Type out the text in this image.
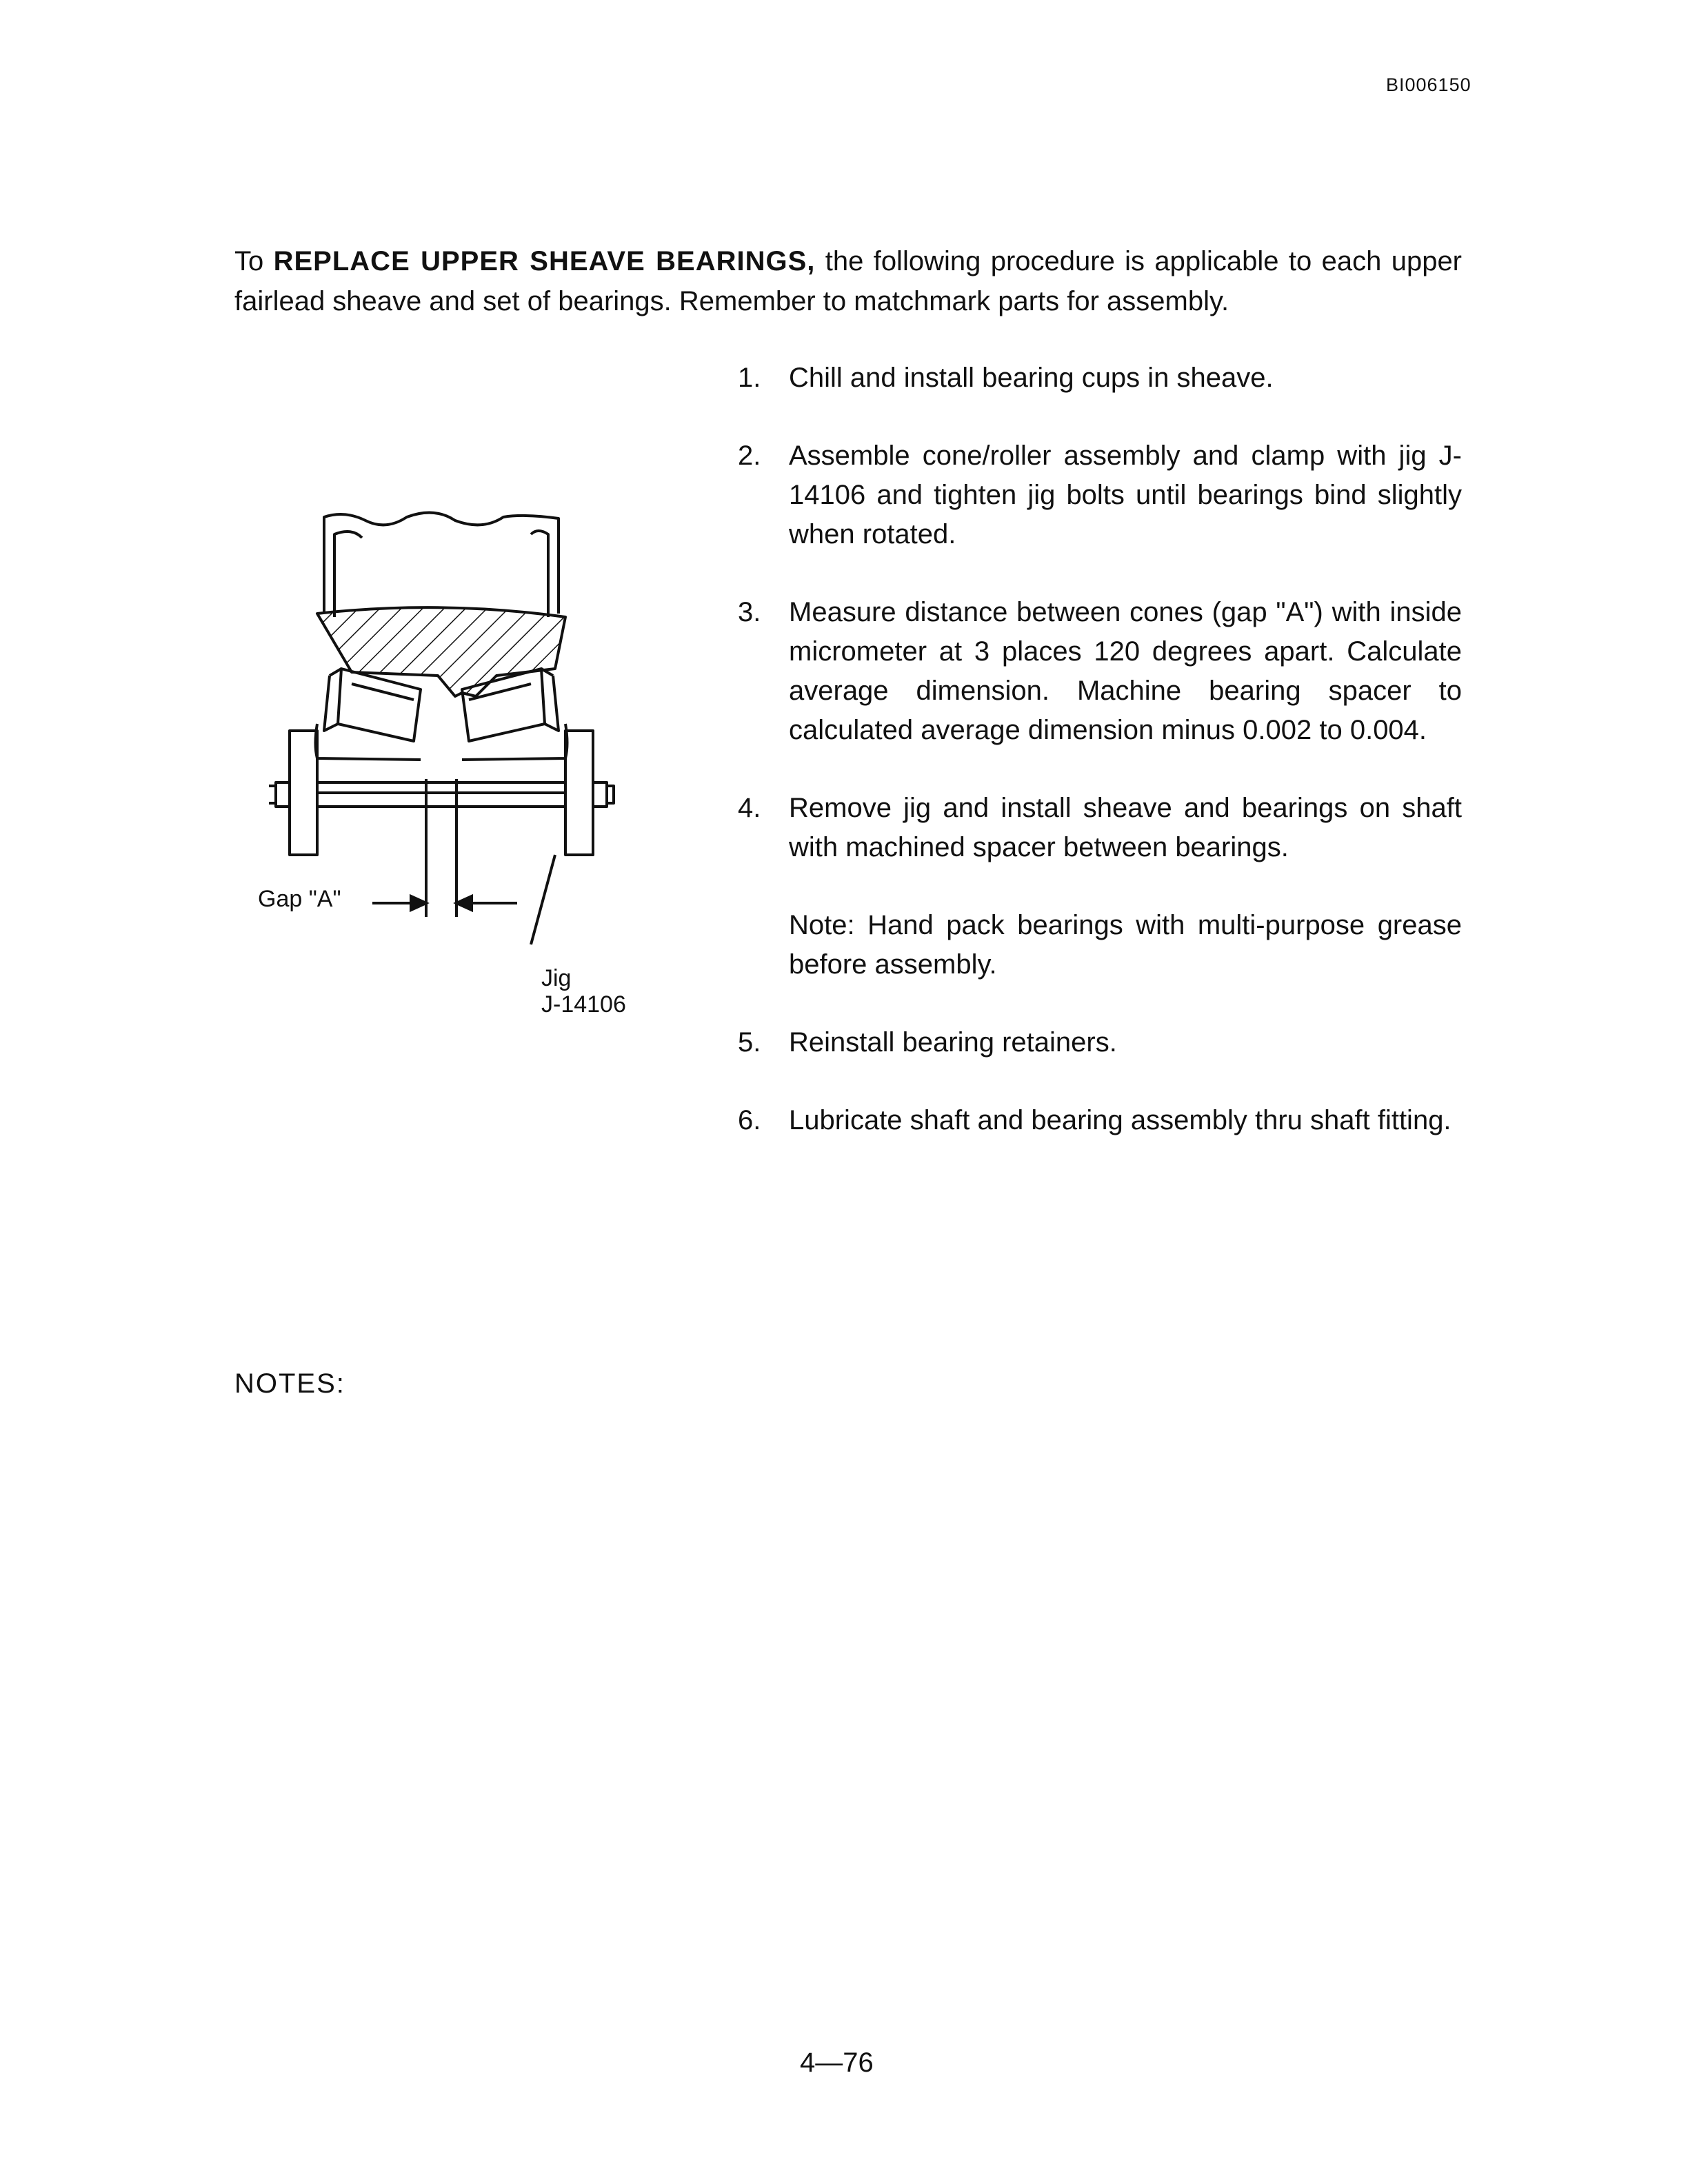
BI006150
To REPLACE UPPER SHEAVE BEARINGS, the following procedure is applicable to each upper fairlead sheave and set of bearings. Remember to matchmark parts for assembly.
1.	Chill and install bearing cups in sheave.
2.	Assemble cone/roller assembly and clamp with jig J-14106 and tighten jig bolts until bearings bind slightly when rotated.
3.	Measure distance between cones (gap "A") with inside micrometer at 3 places 120 degrees apart. Calculate average dimension. Machine bearing spacer to calculated average dimension minus 0.002 to 0.004.
4.	Remove jig and install sheave and bearings on shaft with machined spacer between bearings.
Note: Hand pack bearings with multi-purpose grease before assembly.
5.	Reinstall bearing retainers.
6.	Lubricate shaft and bearing assembly thru shaft fitting.
Gap "A"
Jig
J-14106
NOTES:
4—76
